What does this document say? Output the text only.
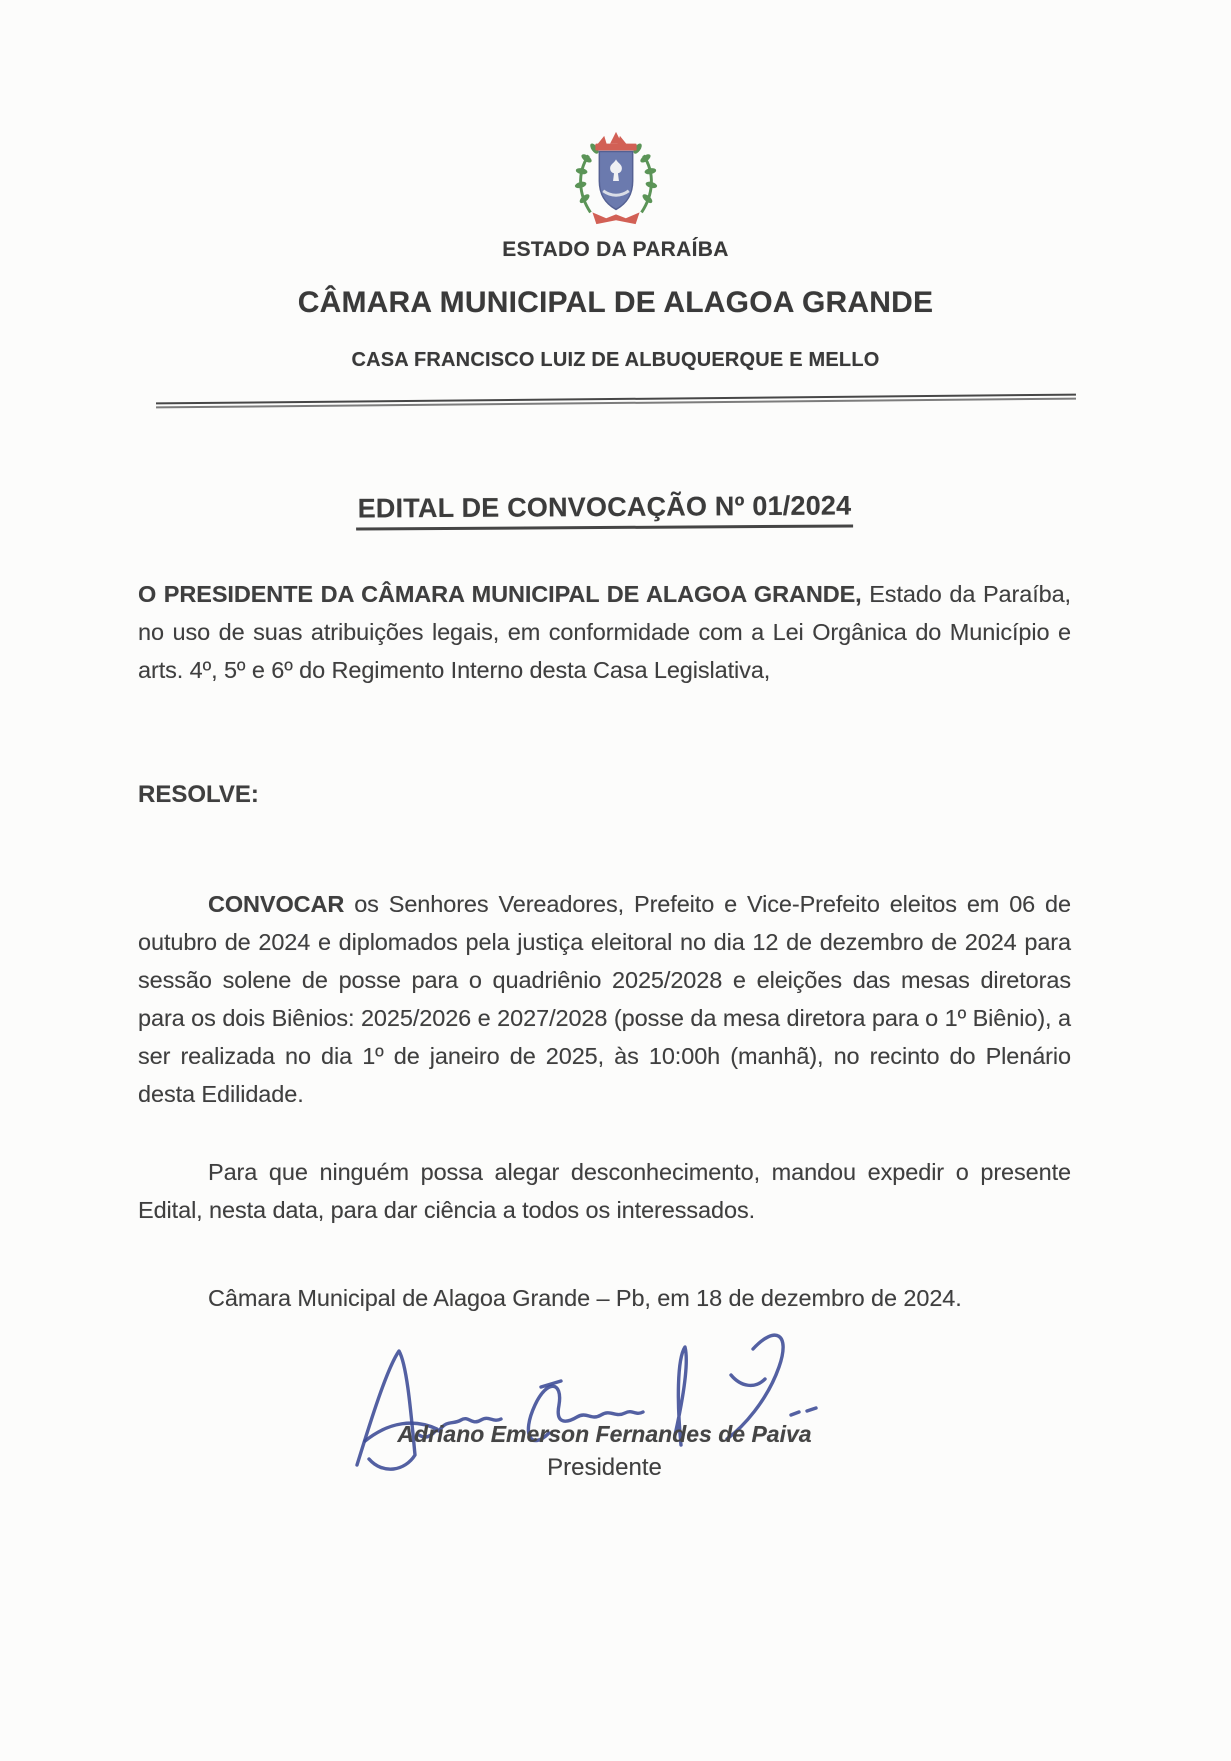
ESTADO DA PARAÍBA
CÂMARA MUNICIPAL DE ALAGOA GRANDE
CASA FRANCISCO LUIZ DE ALBUQUERQUE E MELLO
EDITAL DE CONVOCAÇÃO Nº 01/2024

O PRESIDENTE DA CÂMARA MUNICIPAL DE ALAGOA GRANDE, Estado da Paraíba, no uso de suas atribuições legais, em conformidade com a Lei Orgânica do Município e arts. 4º, 5º e 6º do Regimento Interno desta Casa Legislativa,

RESOLVE:

CONVOCAR os Senhores Vereadores, Prefeito e Vice-Prefeito eleitos em 06 de outubro de 2024 e diplomados pela justiça eleitoral no dia 12 de dezembro de 2024 para sessão solene de posse para o quadriênio 2025/2028 e eleições das mesas diretoras para os dois Biênios: 2025/2026 e 2027/2028 (posse da mesa diretora para o 1º Biênio), a ser realizada no dia 1º de janeiro de 2025, às 10:00h (manhã), no recinto do Plenário desta Edilidade.

Para que ninguém possa alegar desconhecimento, mandou expedir o presente Edital, nesta data, para dar ciência a todos os interessados.

Câmara Municipal de Alagoa Grande – Pb, em 18 de dezembro de 2024.

Adriano Emerson Fernandes de Paiva
Presidente
